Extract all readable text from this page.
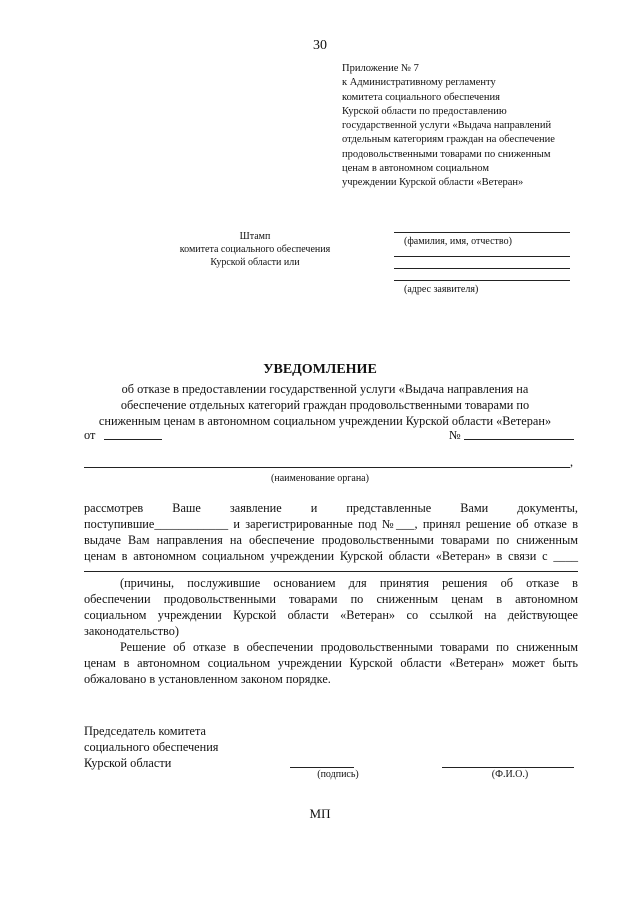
30
Приложение № 7
к Административному регламенту
комитета социального обеспечения
Курской области по предоставлению
государственной услуги «Выдача направлений
отдельным категориям граждан на обеспечение
продовольственными товарами по сниженным
ценам в автономном социальном
учреждении Курской области «Ветеран»
Штамп
комитета социального обеспечения
Курской области или
(фамилия, имя, отчество)
(адрес заявителя)
УВЕДОМЛЕНИЕ
об отказе в предоставлении государственной услуги «Выдача направления на
обеспечение отдельных категорий граждан продовольственными товарами по
сниженным ценам в автономном социальном учреждении Курской области «Ветеран»
от	№
,
(наименование органа)
рассмотрев Ваше заявление и представленные Вами документы,
поступившие____________ и зарегистрированные под №___, принял решение об отказе в
выдаче Вам направления на обеспечение продовольственными товарами по сниженным
ценам в автономном социальном учреждении Курской области «Ветеран» в связи с ____
(причины, послужившие основанием для принятия решения об отказе в
обеспечении продовольственными товарами по сниженным ценам в автономном
социальном учреждении Курской области «Ветеран» со ссылкой на действующее
законодательство)
Решение об отказе в обеспечении продовольственными товарами по сниженным
ценам в автономном социальном учреждении Курской области «Ветеран» может быть
обжаловано в установленном законом порядке.
Председатель комитета
социального обеспечения
Курской области
(подпись)	(Ф.И.О.)
МП
